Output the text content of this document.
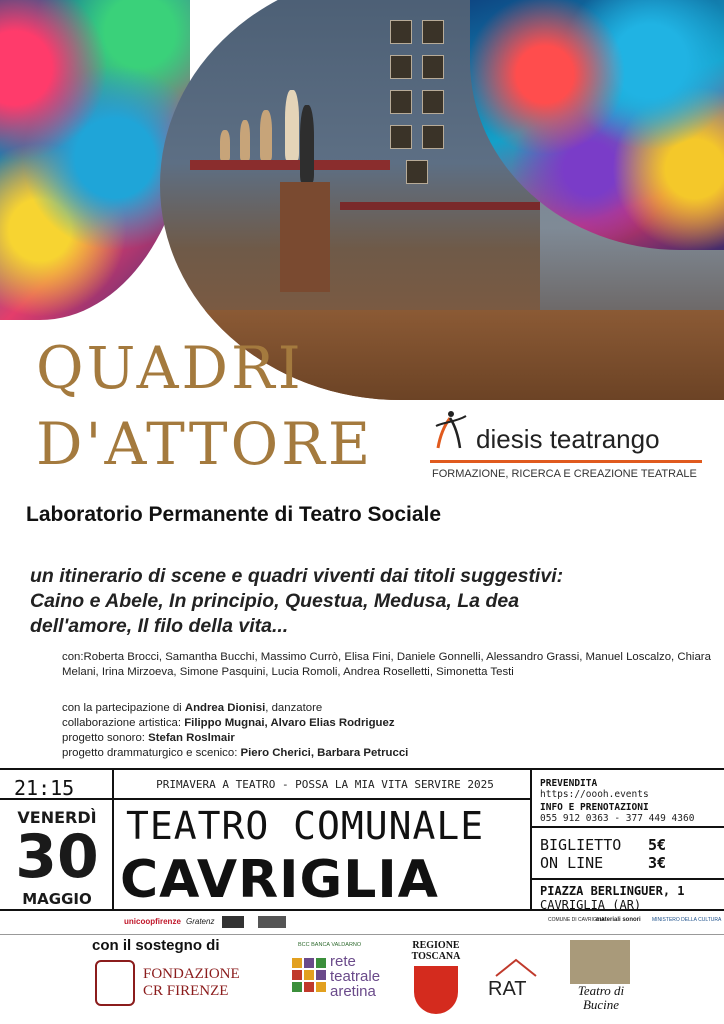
QUADRI
D'ATTORE	diesis teatrango
FORMAZIONE, RICERCA E CREAZIONE TEATRALE
Laboratorio Permanente di Teatro Sociale
un itinerario di scene e quadri viventi dai titoli suggestivi:
Caino e Abele, In principio, Questua, Medusa, La dea
dell'amore, Il filo della vita...
con:Roberta Brocci, Samantha Bucchi, Massimo Currò, Elisa Fini, Daniele Gonnelli, Alessandro Grassi, Manuel Loscalzo, Chiara Melani, Irina Mirzoeva, Simone Pasquini, Lucia Romoli, Andrea Roselletti, Simonetta Testi
con la partecipazione di Andrea Dionisi, danzatore
collaborazione artistica: Filippo Mugnai, Alvaro Elias Rodriguez
progetto sonoro: Stefan Roslmair
progetto drammaturgico e scenico: Piero Cherici, Barbara Petrucci
21:15
VENERDÌ
30
MAGGIO
PRIMAVERA A TEATRO - POSSA LA MIA VITA SERVIRE 2025
TEATRO COMUNALE
CAVRIGLIA
PREVENDITA
https://oooh.events
INFO E PRENOTAZIONI
055 912 0363 - 377 449 4360
BIGLIETTO 5€
ON LINE	3€
PIAZZA BERLINGUER, 1
CAVRIGLIA (AR)
unicoopfirenze Gratenz	COMUNE DI CAVRIGLIA
materiali sonori MINISTERO DELLA CULTURA
con il sostegno di
FONDAZIONE CR FIRENZE
BCC BANCA VALDARNO
rete
teatrale
aretina
REGIONE TOSCANA
RAT	Teatro di Bucine
